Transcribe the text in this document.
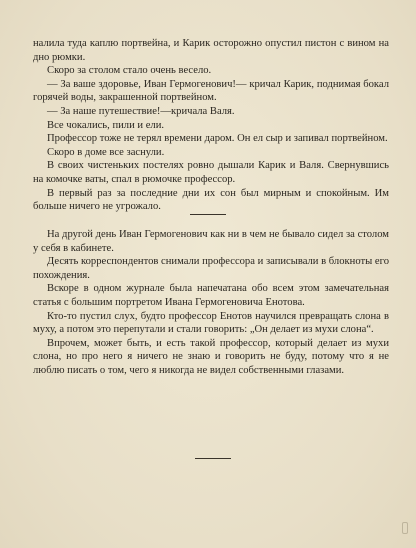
налила туда каплю портвейна, и Карик осторожно опустил пистон с вином на дно рюмки.

Скоро за столом стало очень весело.

— За ваше здоровье, Иван Гермогенович!— кричал Карик, поднимая бокал горячей воды, закрашенной портвейном.

— За наше путешествие!—кричала Валя.

Все чокались, пили и ели.

Профессор тоже не терял времени даром. Он ел сыр и запивал портвейном.

Скоро в доме все заснули.

В своих чистеньких постелях ровно дышали Карик и Валя. Свернувшись на комочке ваты, спал в рюмочке профессор.

В первый раз за последние дни их сон был мирным и спокойным. Им больше ничего не угрожало.

На другой день Иван Гермогенович как ни в чем не бывало сидел за столом у себя в кабинете.

Десять корреспондентов снимали профессора и записывали в блокноты его похождения.

Вскоре в одном журнале была напечатана обо всем этом замечательная статья с большим портретом Ивана Гермогеновича Енотова.

Кто-то пустил слух, будто профессор Енотов научился превращать слона в муху, а потом это перепутали и стали говорить: „Он делает из мухи слона“.

Впрочем, может быть, и есть такой профессор, который делает из мухи слона, но про него я ничего не знаю и говорить не буду, потому что я не люблю писать о том, чего я никогда не видел собственными глазами.
